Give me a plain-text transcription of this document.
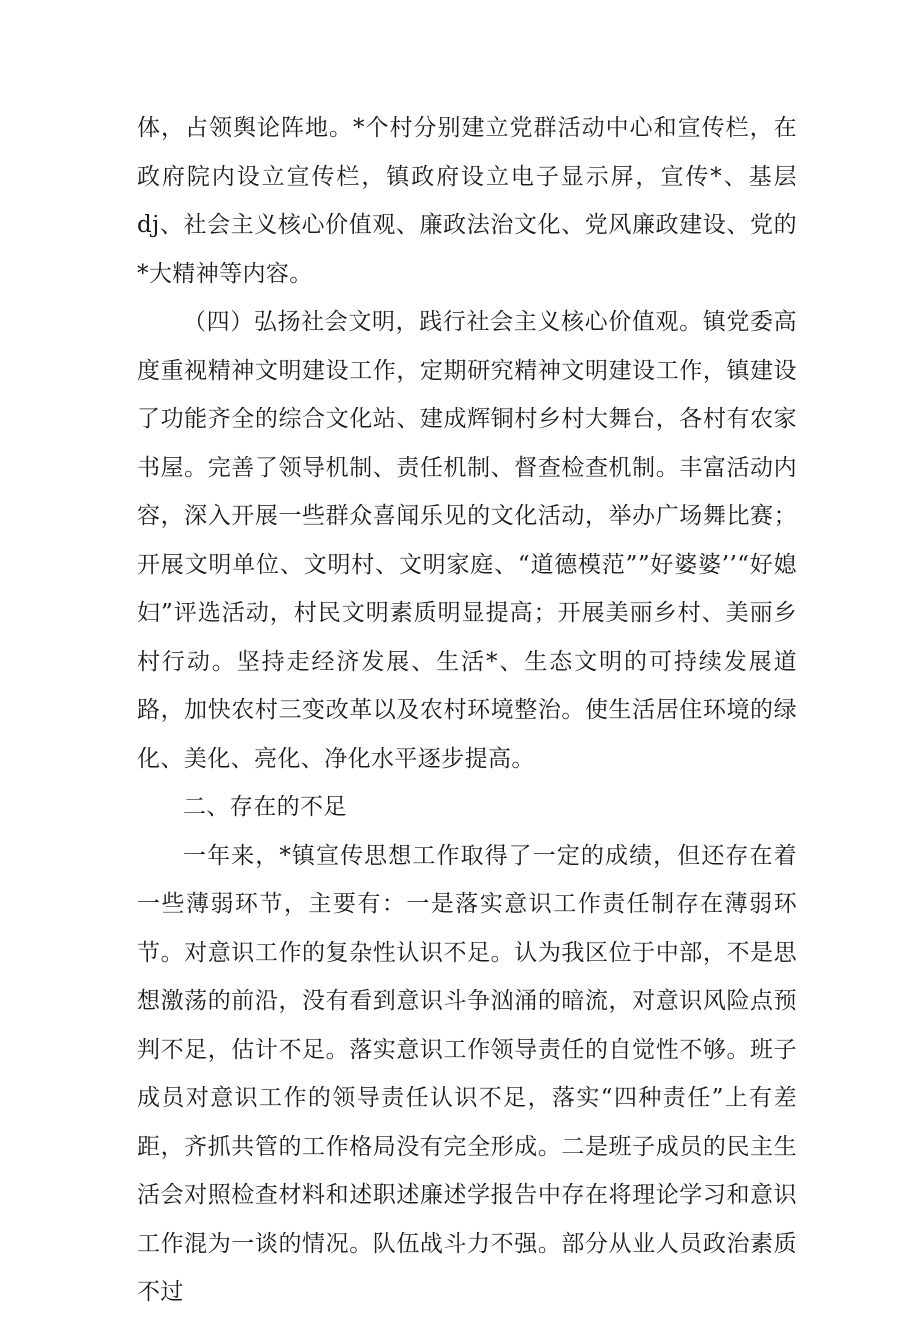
体，占领舆论阵地。*个村分别建立党群活动中心和宣传栏，在政府院内设立宣传栏，镇政府设立电子显示屏，宣传*、基层dj、社会主义核心价值观、廉政法治文化、党风廉政建设、党的*大精神等内容。

（四）弘扬社会文明，践行社会主义核心价值观。镇党委高度重视精神文明建设工作，定期研究精神文明建设工作，镇建设了功能齐全的综合文化站、建成辉铜村乡村大舞台，各村有农家书屋。完善了领导机制、责任机制、督查检查机制。丰富活动内容，深入开展一些群众喜闻乐见的文化活动，举办广场舞比赛；开展文明单位、文明村、文明家庭、“道德模范””好婆婆’’“好媳妇”评选活动，村民文明素质明显提高；开展美丽乡村、美丽乡村行动。坚持走经济发展、生活*、生态文明的可持续发展道路，加快农村三变改革以及农村环境整治。使生活居住环境的绿化、美化、亮化、净化水平逐步提高。

二、存在的不足

一年来，*镇宣传思想工作取得了一定的成绩，但还存在着一些薄弱环节，主要有：一是落实意识工作责任制存在薄弱环节。对意识工作的复杂性认识不足。认为我区位于中部，不是思想激荡的前沿，没有看到意识斗争汹涌的暗流，对意识风险点预判不足，估计不足。落实意识工作领导责任的自觉性不够。班子成员对意识工作的领导责任认识不足，落实“四种责任”上有差距，齐抓共管的工作格局没有完全形成。二是班子成员的民主生活会对照检查材料和述职述廉述学报告中存在将理论学习和意识工作混为一谈的情况。队伍战斗力不强。部分从业人员政治素质不过
